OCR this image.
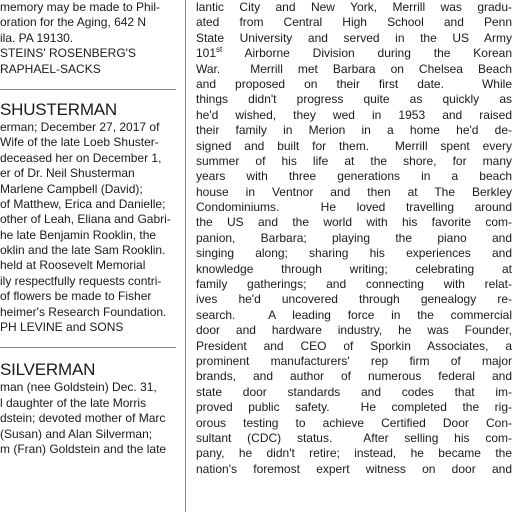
memory may be made to Phil-
oration for the Aging, 642 N
ila. PA 19130.
STEINS' ROSENBERG'S
RAPHAEL-SACKS
SHUSTERMAN
erman; December 27, 2017 of
Wife of the late Loeb Shuster-
deceased her on December 1,
er of Dr. Neil Shusterman
Marlene Campbell (David);
of Matthew, Erica and Danielle;
other of Leah, Eliana and Gabri-
he late Benjamin Rooklin, the
oklin and the late Sam Rooklin.
held at Roosevelt Memorial
ily respectfully requests contri-
of flowers be made to Fisher
heimer's Research Foundation.
PH LEVINE and SONS
SILVERMAN
man (nee Goldstein) Dec. 31,
l daughter of the late Morris
dstein; devoted mother of Marc
(Susan) and Alan Silverman;
m (Fran) Goldstein and the late
lantic City and New York, Merrill was gradu-
ated from Central High School and Penn
State University and served in the US Army
101st Airborne Division during the Korean
War.  Merrill met Barbara on Chelsea Beach
and proposed on their first date.  While
things didn't progress quite as quickly as
he'd wished, they wed in 1953 and raised
their family in Merion in a home he'd de-
signed and built for them.  Merrill spent every
summer of his life at the shore, for many
years with three generations in a beach
house in Ventnor and then at The Berkley
Condominiums.  He loved travelling around
the US and the world with his favorite com-
panion, Barbara; playing the piano and
singing along; sharing his experiences and
knowledge through writing; celebrating at
family gatherings; and connecting with relat-
ives he'd uncovered through genealogy re-
search.  A leading force in the commercial
door and hardware industry, he was Founder,
President and CEO of Sporkin Associates, a
prominent manufacturers' rep firm of major
brands, and author of numerous federal and
state door standards and codes that im-
proved public safety.  He completed the rig-
orous testing to achieve Certified Door Con-
sultant (CDC) status.  After selling his com-
pany, he didn't retire; instead, he became the
nation's foremost expert witness on door and
